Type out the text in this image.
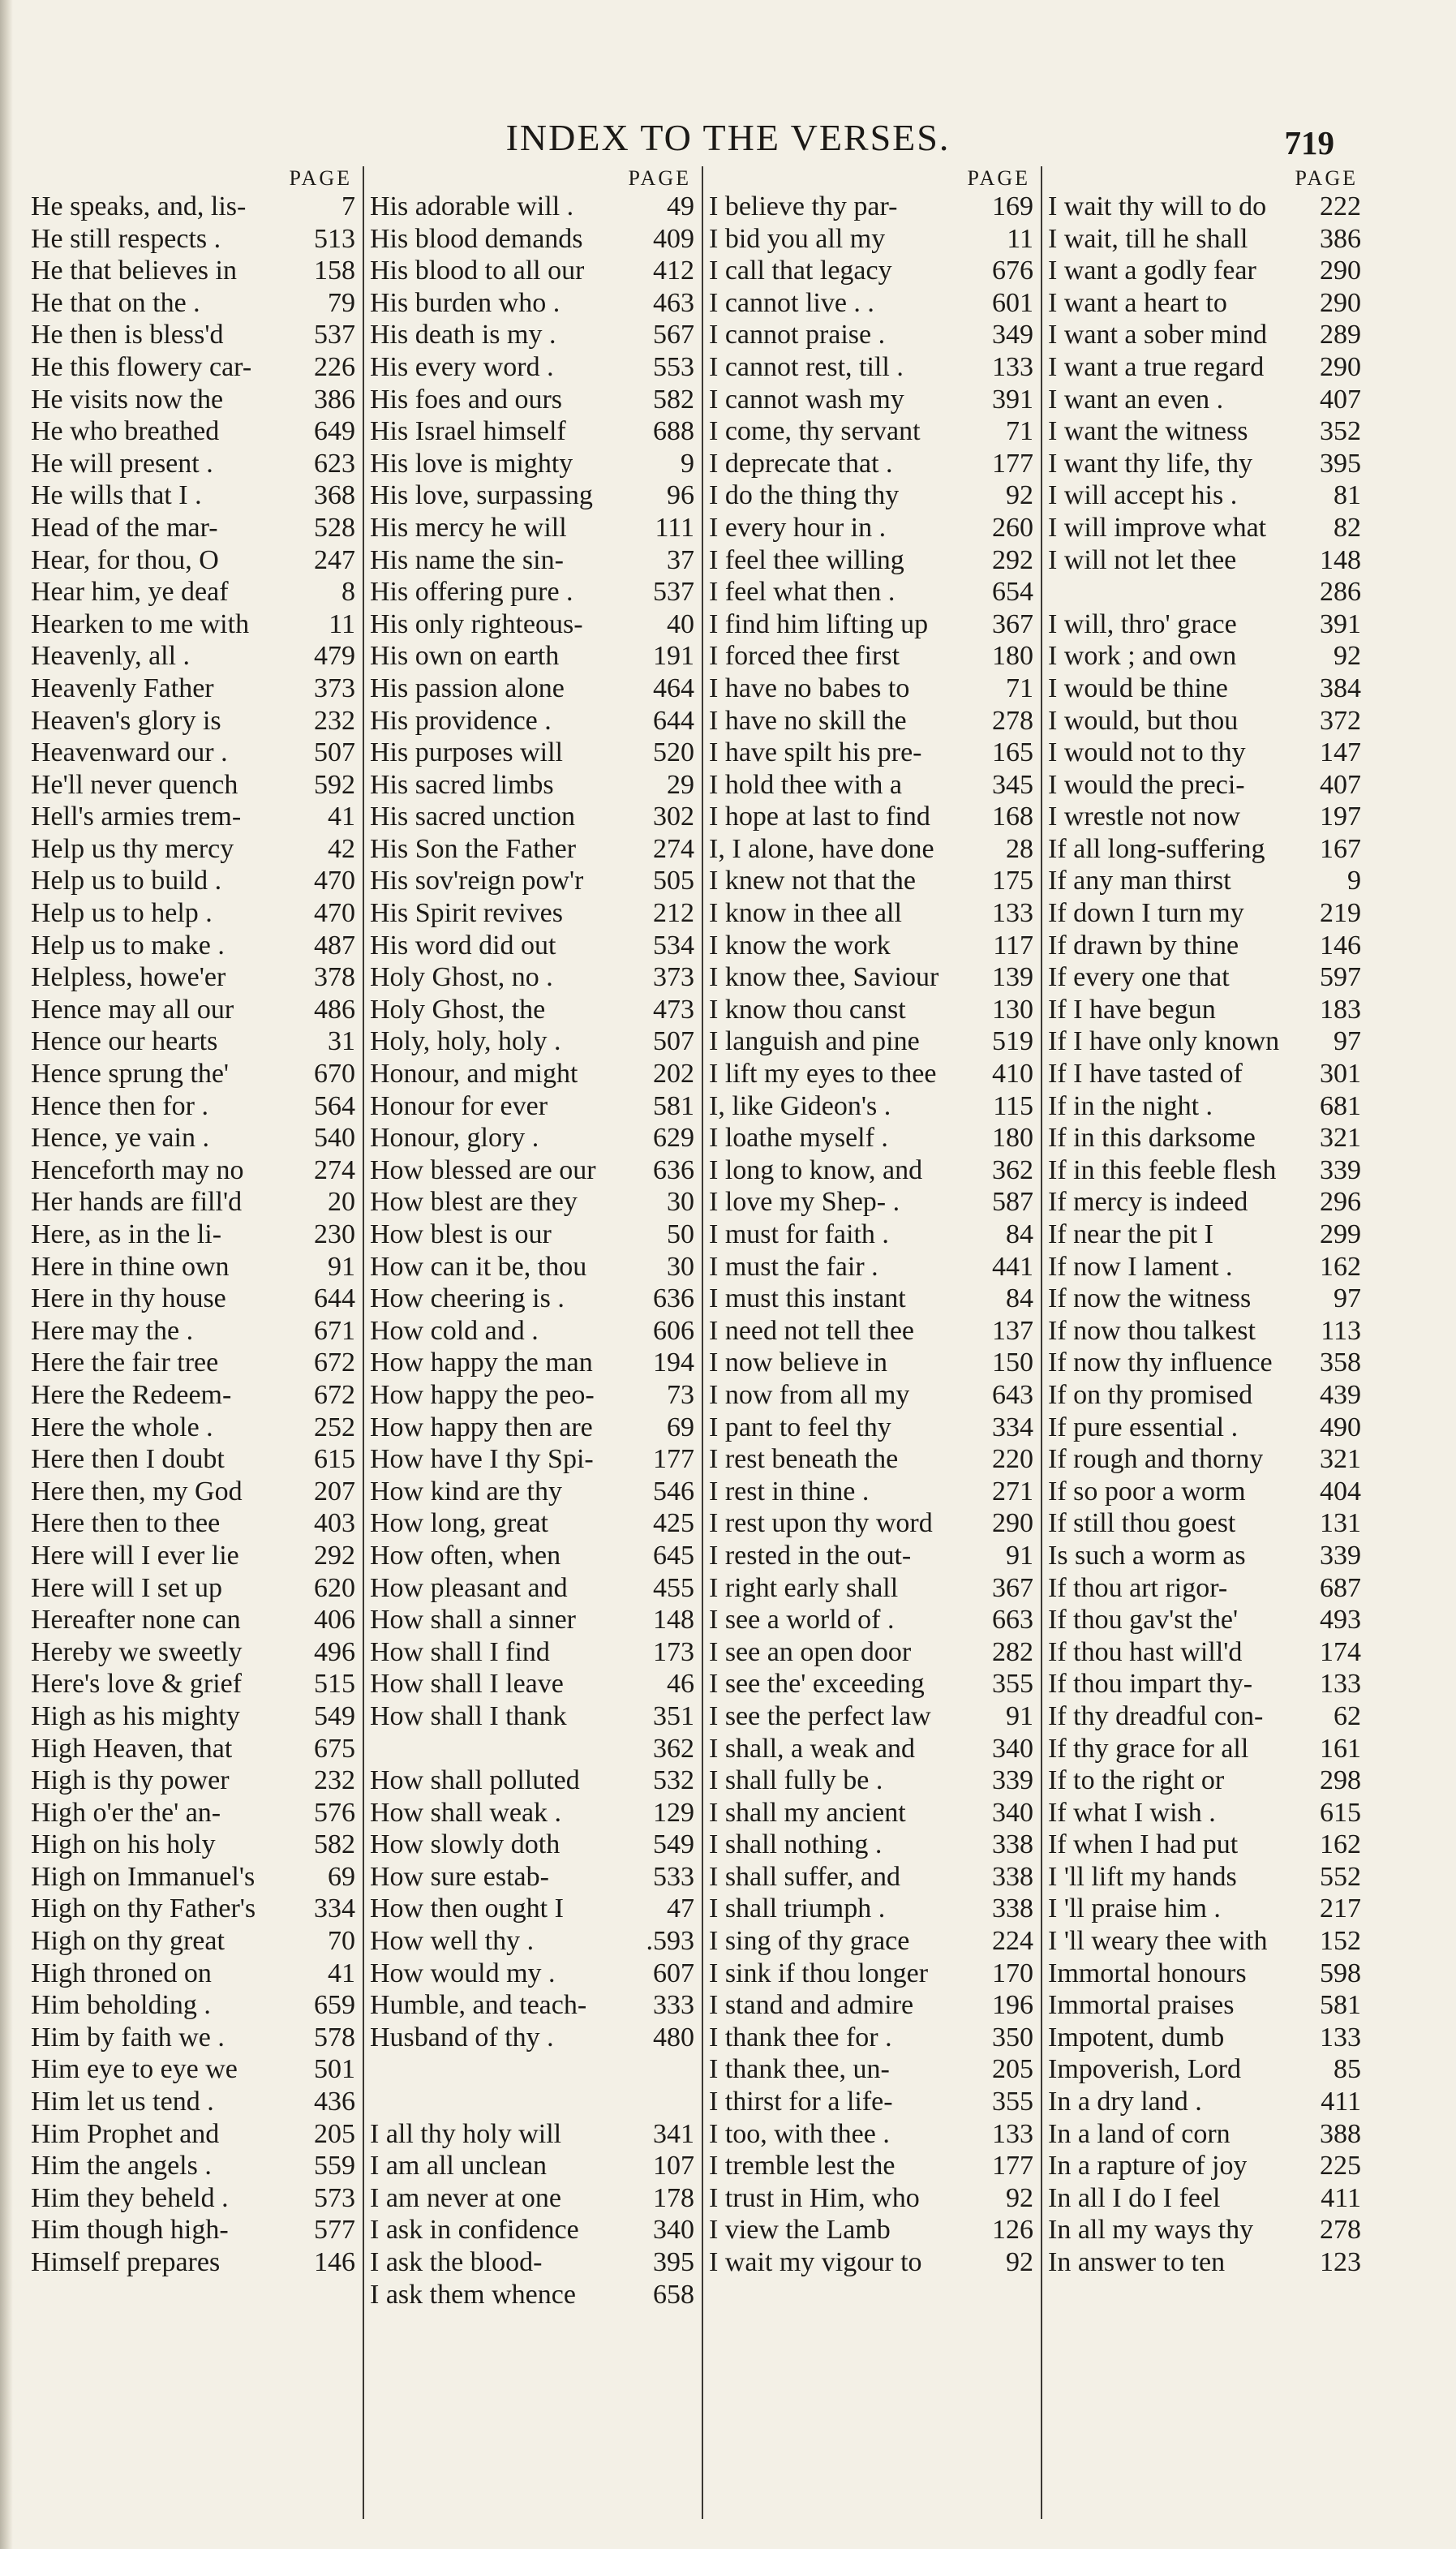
INDEX TO THE VERSES.	719
PAGE
He speaks, and, lis-	7
He still respects .	513
He that believes in	158
He that on the .	79
He then is bless'd	537
He this flowery car- 226
He visits now the	386
He who breathed	649
He will present .	623
He wills that I .	368
Head of the mar-	528
Hear, for thou, O	247
Hear him, ye deaf	8
Hearken to me with	11
Heavenly, all .	479
Heavenly Father	373
Heaven's glory is	232
Heavenward our .	507
He'll never quench	592
Hell's armies trem-	41
Help us thy mercy	42
Help us to build .	470
Help us to help .	470
Help us to make .	487
Helpless, howe'er	378
Hence may all our	486
Hence our hearts	31
Hence sprung the'	670
Hence then for .	564
Hence, ye vain .	540
Henceforth may no	274
Her hands are fill'd	20
Here, as in the li-	230
Here in thine own	91
Here in thy house	644
Here may the .	671
Here the fair tree	672
Here the Redeem-	672
Here the whole .	252
Here then I doubt	615
Here then, my God	207
Here then to thee	403
Here will I ever lie	292
Here will I set up	620
Hereafter none can	406
Hereby we sweetly	496
Here's love & grief	515
High as his mighty	549
High Heaven, that	675
High is thy power	232
High o'er the' an-	576
High on his holy	582
High on Immanuel's	69
High on thy Father's 334
High on thy great	70
High throned on	41
Him beholding .	659
Him by faith we .	578
Him eye to eye we	501
Him let us tend .	436
Him Prophet and	205
Him the angels .	559
Him they beheld .	573
Him though high-	577
Himself prepares	146
PAGE
His adorable will .	49
His blood demands	409
His blood to all our 412
His burden who .	463
His death is my .	567
His every word .	553
His foes and ours	582
His Israel himself	688
His love is mighty	9
His love, surpassing	96
His mercy he will	111
His name the sin-	37
His offering pure .	537
His only righteous-	40
His own on earth	191
His passion alone	464
His providence .	644
His purposes will	520
His sacred limbs	29
His sacred unction	302
His Son the Father	274
His sov'reign pow'r	505
His Spirit revives	212
His word did out	534
Holy Ghost, no .	373
Holy Ghost, the	473
Holy, holy, holy .	507
Honour, and might	202
Honour for ever	581
Honour, glory .	629
How blessed are our 636
How blest are they	30
How blest is our	50
How can it be, thou	30
How cheering is .	636
How cold and .	606
How happy the man 194
How happy the peo-	73
How happy then are	69
How have I thy Spi- 177
How kind are thy	546
How long, great	425
How often, when	645
How pleasant and	455
How shall a sinner	148
How shall I find	173
How shall I leave	46
How shall I thank	351
362
How shall polluted	532
How shall weak .	129
How slowly doth	549
How sure estab-	533
How then ought I	47
How well thy .	.593
How would my .	607
Humble, and teach- 333
Husband of thy .	480
I all thy holy will	341
I am all unclean	107
I am never at one	178
I ask in confidence	340
I ask the blood-	395
I ask them whence	658
PAGE
I believe thy par-	169
I bid you all my	11
I call that legacy	676
I cannot live . .	601
I cannot praise .	349
I cannot rest, till .	133
I cannot wash my	391
I come, thy servant	71
I deprecate that .	177
I do the thing thy	92
I every hour in .	260
I feel thee willing	292
I feel what then .	654
I find him lifting up 367
I forced thee first	180
I have no babes to	71
I have no skill the	278
I have spilt his pre-	165
I hold thee with a	345
I hope at last to find 168
I, I alone, have done	28
I knew not that the	175
I know in thee all	133
I know the work	117
I know thee, Saviour 139
I know thou canst	130
I languish and pine	519
I lift my eyes to thee 410
I, like Gideon's .	115
I loathe myself .	180
I long to know, and	362
I love my Shep- .	587
I must for faith .	84
I must the fair .	441
I must this instant	84
I need not tell thee	137
I now believe in	150
I now from all my	643
I pant to feel thy	334
I rest beneath the	220
I rest in thine .	271
I rest upon thy word 290
I rested in the out-	91
I right early shall	367
I see a world of .	663
I see an open door	282
I see the' exceeding 355
I see the perfect law	91
I shall, a weak and	340
I shall fully be .	339
I shall my ancient	340
I shall nothing .	338
I shall suffer, and	338
I shall triumph .	338
I sing of thy grace	224
I sink if thou longer 170
I stand and admire	196
I thank thee for .	350
I thank thee, un-	205
I thirst for a life-	355
I too, with thee .	133
I tremble lest the	177
I trust in Him, who	92
I view the Lamb	126
I wait my vigour to	92
PAGE
I wait thy will to do 222
I wait, till he shall	386
I want a godly fear 290
I want a heart to	290
I want a sober mind 289
I want a true regard 290
I want an even .	407
I want the witness	352
I want thy life, thy 395
I will accept his .	81
I will improve what 82
I will not let thee	148
286
I will, thro' grace	391
I work ; and own	92
I would be thine	384
I would, but thou	372
I would not to thy	147
I would the preci-	407
I wrestle not now	197
If all long-suffering 167
If any man thirst	9
If down I turn my	219
If drawn by thine	146
If every one that	597
If I have begun	183
If I have only known 97
If I have tasted of	301
If in the night .	681
If in this darksome 321
If in this feeble flesh 339
If mercy is indeed	296
If near the pit I	299
If now I lament .	162
If now the witness	97
If now thou talkest 113
If now thy influence 358
If on thy promised 439
If pure essential .	490
If rough and thorny 321
If so poor a worm	404
If still thou goest	131
Is such a worm as	339
If thou art rigor-	687
If thou gav'st the'	493
If thou hast will'd	174
If thou impart thy- 133
If thy dreadful con-	62
If thy grace for all	161
If to the right or	298
If what I wish .	615
If when I had put	162
I 'll lift my hands	552
I 'll praise him .	217
I 'll weary thee with 152
Immortal honours	598
Immortal praises	581
Impotent, dumb	133
Impoverish, Lord	85
In a dry land .	411
In a land of corn	388
In a rapture of joy	225
In all I do I feel	411
In all my ways thy 278
In answer to ten	123
